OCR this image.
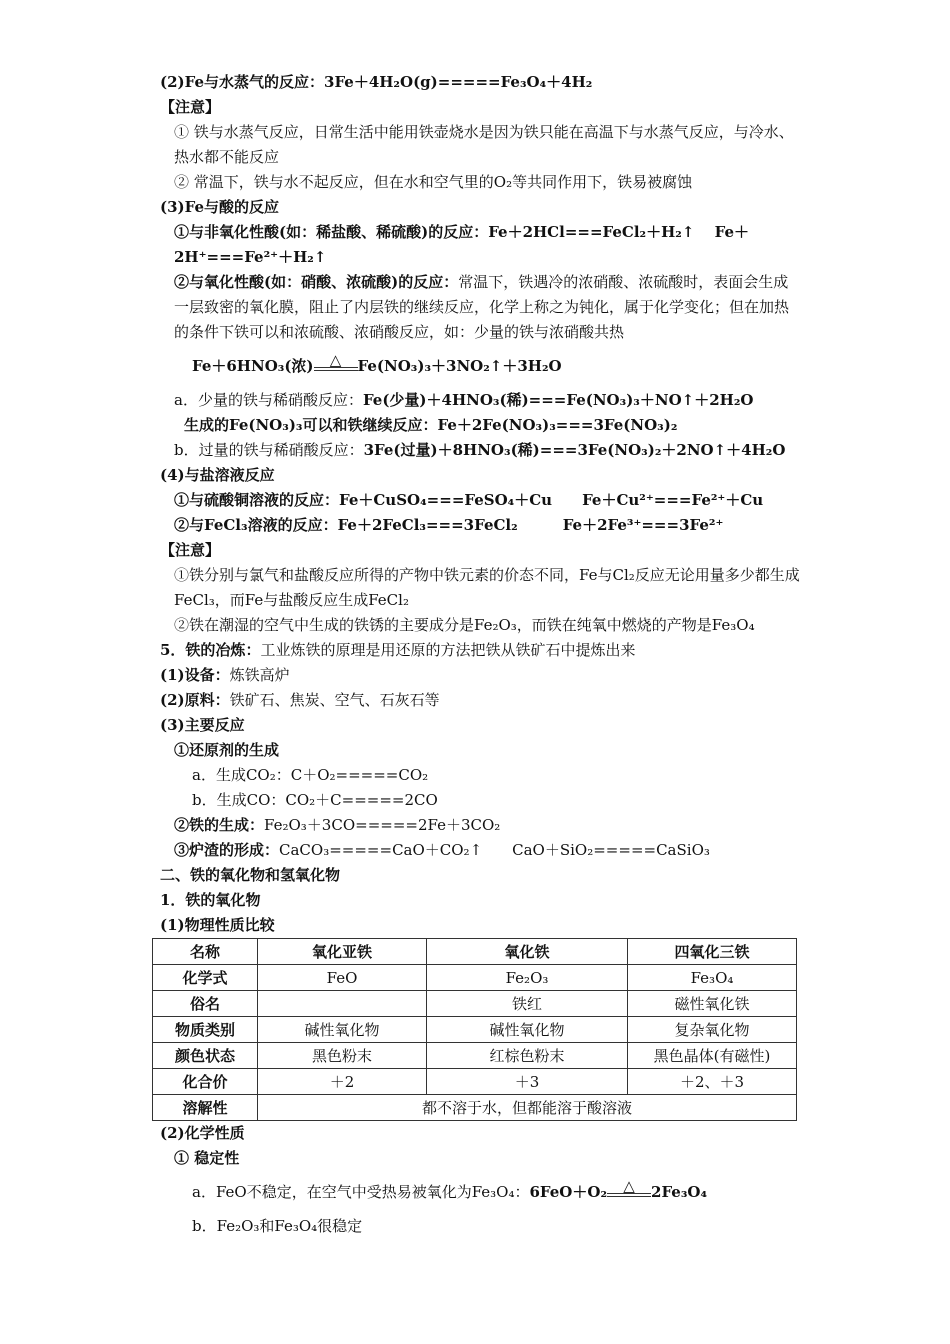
(2)Fe与水蒸气的反应：3Fe＋4H₂O(g)=====Fe₃O₄＋4H₂
【注意】
① 铁与水蒸气反应，日常生活中能用铁壶烧水是因为铁只能在高温下与水蒸气反应，与冷水、热水都不能反应
② 常温下，铁与水不起反应，但在水和空气里的O₂等共同作用下，铁易被腐蚀
(3)Fe与酸的反应
①与非氧化性酸(如：稀盐酸、稀硫酸)的反应：Fe＋2HCl===FeCl₂＋H₂↑　 Fe＋2H⁺===Fe²⁺＋H₂↑
②与氧化性酸(如：硝酸、浓硫酸)的反应：常温下，铁遇冷的浓硝酸、浓硫酸时，表面会生成一层致密的氧化膜，阻止了内层铁的继续反应，化学上称之为钝化，属于化学变化；但在加热的条件下铁可以和浓硫酸、浓硝酸反应，如：少量的铁与浓硝酸共热
Fe＋6HNO₃(浓)	△	Fe(NO₃)₃＋3NO₂↑＋3H₂O
a．少量的铁与稀硝酸反应：Fe(少量)＋4HNO₃(稀)===Fe(NO₃)₃＋NO↑＋2H₂O
生成的Fe(NO₃)₃可以和铁继续反应：Fe＋2Fe(NO₃)₃===3Fe(NO₃)₂
b．过量的铁与稀硝酸反应：3Fe(过量)＋8HNO₃(稀)===3Fe(NO₃)₂＋2NO↑＋4H₂O
(4)与盐溶液反应
①与硫酸铜溶液的反应：Fe＋CuSO₄===FeSO₄＋Cu　　Fe＋Cu²⁺===Fe²⁺＋Cu
②与FeCl₃溶液的反应：Fe＋2FeCl₃===3FeCl₂　　　Fe＋2Fe³⁺===3Fe²⁺
【注意】
①铁分别与氯气和盐酸反应所得的产物中铁元素的价态不同，Fe与Cl₂反应无论用量多少都生成FeCl₃，而Fe与盐酸反应生成FeCl₂
②铁在潮湿的空气中生成的铁锈的主要成分是Fe₂O₃，而铁在纯氧中燃烧的产物是Fe₃O₄
5．铁的冶炼：工业炼铁的原理是用还原的方法把铁从铁矿石中提炼出来
(1)设备：炼铁高炉
(2)原料：铁矿石、焦炭、空气、石灰石等
(3)主要反应
①还原剂的生成
a．生成CO₂：C＋O₂=====CO₂
b．生成CO：CO₂＋C=====2CO
②铁的生成：Fe₂O₃＋3CO=====2Fe＋3CO₂
③炉渣的形成：CaCO₃=====CaO＋CO₂↑　　CaO＋SiO₂=====CaSiO₃
二、铁的氧化物和氢氧化物
1．铁的氧化物
(1)物理性质比较
名称	氧化亚铁	氧化铁	四氧化三铁
化学式	FeO	Fe₂O₃	Fe₃O₄
俗名		铁红	磁性氧化铁
物质类别	碱性氧化物	碱性氧化物	复杂氧化物
颜色状态	黑色粉末	红棕色粉末	黑色晶体(有磁性)
化合价	＋2	＋3	＋2、＋3
溶解性	都不溶于水，但都能溶于酸溶液		
(2)化学性质
① 稳定性
a．FeO不稳定，在空气中受热易被氧化为Fe₃O₄：6FeO＋O₂	△	2Fe₃O₄
b．Fe₂O₃和Fe₃O₄很稳定
